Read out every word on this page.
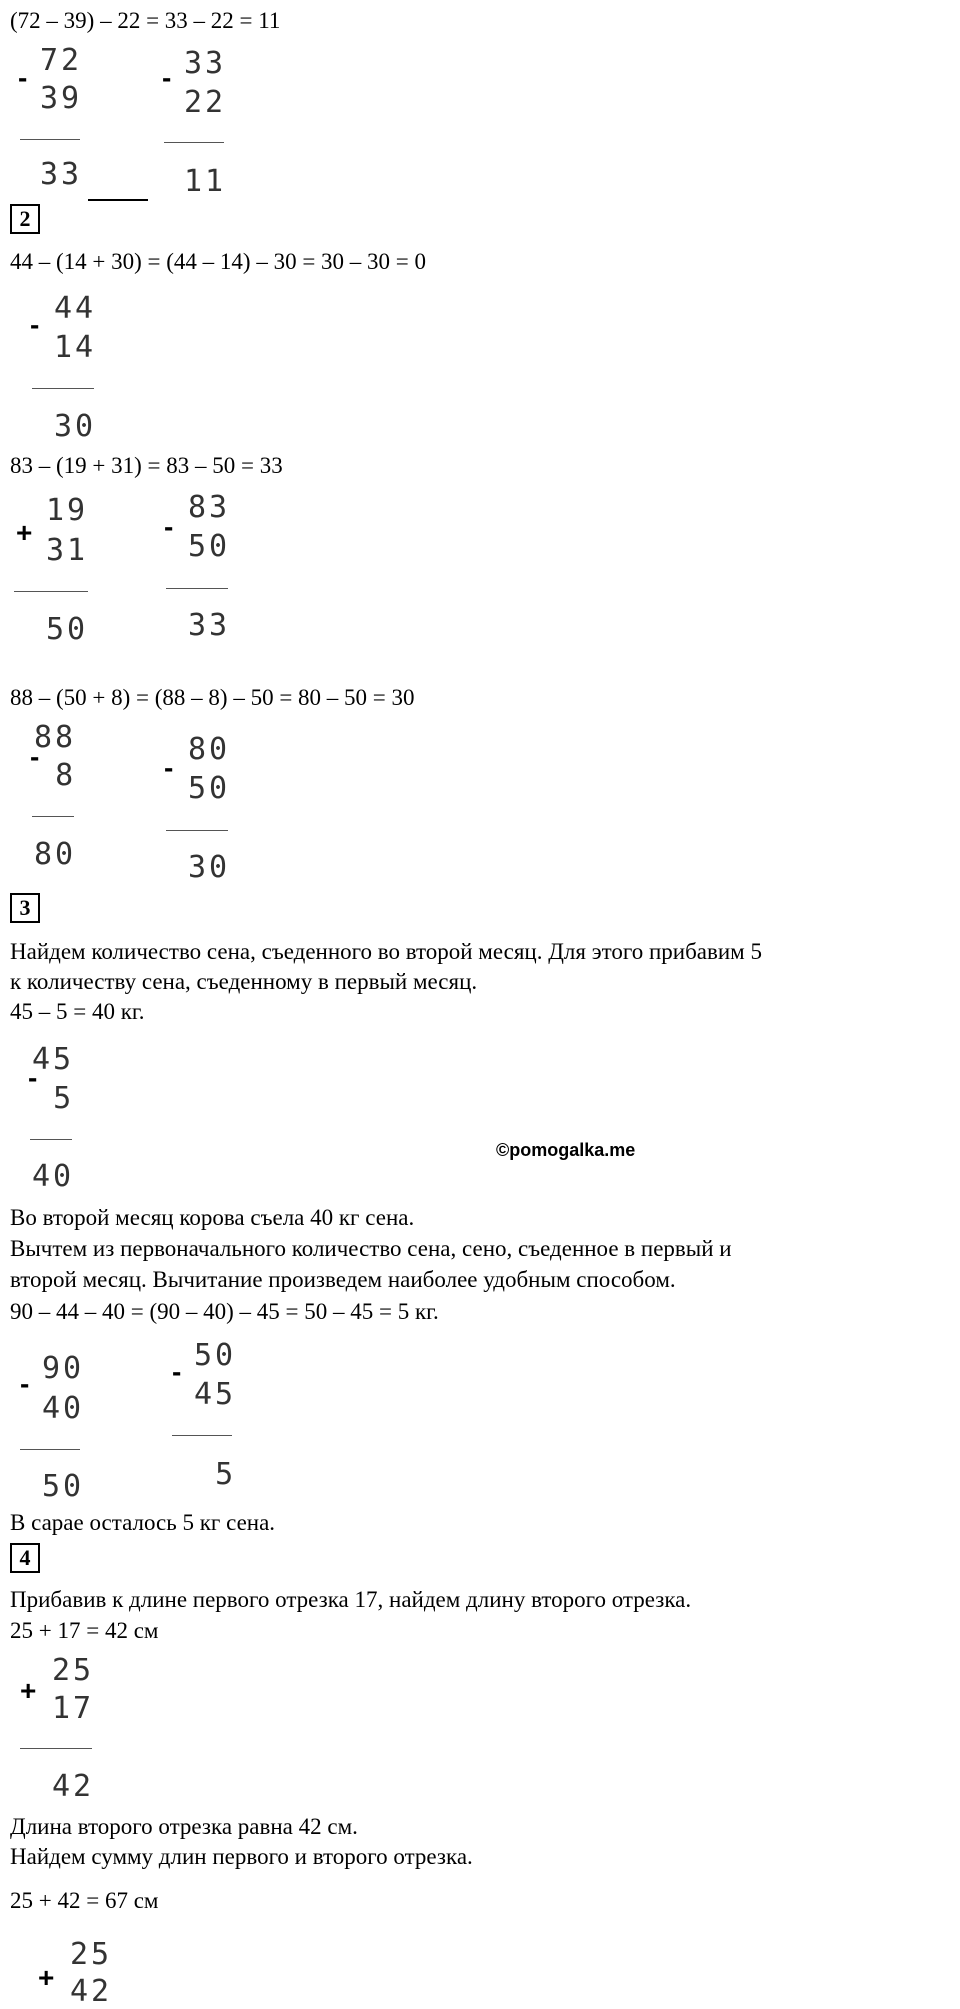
(72 – 39) – 22 = 33 – 22 = 11
- 72
39
33
- 33
22
11
2
44 – (14 + 30) = (44 – 14) – 30 = 30 – 30 = 0
- 44
14
30
83 – (19 + 31) = 83 – 50 = 33
+
19
31
50
-
83
50
33
88 – (50 + 8) = (88 – 8) – 50 = 80 – 50 = 30
-
88
8
80
-
80
50
30
3
Найдем количество сена, съеденного во второй месяц. Для этого прибавим 5
к количеству сена, съеденному в первый месяц.
45 – 5 = 40 кг.
-
45
5
40
©pomogalka.me
Во второй месяц корова съела 40 кг сена.
Вычтем из первоначального количество сена, сено, съеденное в первый и
второй месяц. Вычитание произведем наиболее удобным способом.
90 – 44 – 40 = (90 – 40) – 45 = 50 – 45 = 5 кг.
- 90
40
50
- 50
45
5
В сарае осталось 5 кг сена.
4
Прибавив к длине первого отрезка 17, найдем длину второго отрезка.
25 + 17 = 42 см
+
25
17
42
Длина второго отрезка равна 42 см.
Найдем сумму длин первого и второго отрезка.
25 + 42 = 67 см
+
25
42
